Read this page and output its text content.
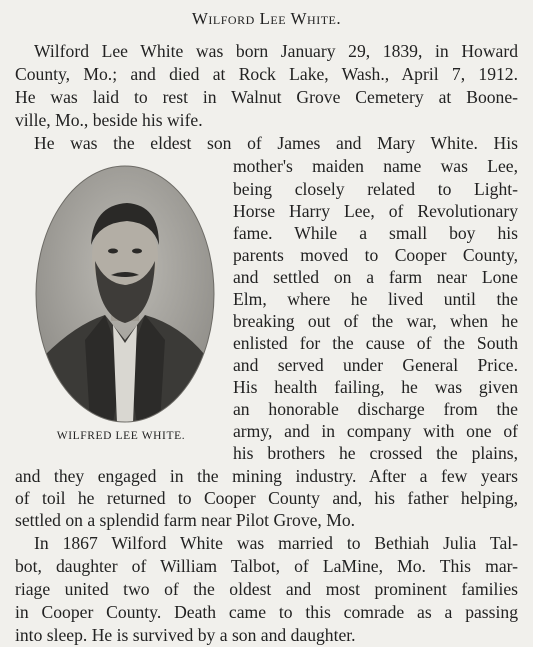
Wilford Lee White.
Wilford Lee White was born January 29, 1839, in Howard
County, Mo.; and died at Rock Lake, Wash., April 7, 1912.
He was laid to rest in Walnut Grove Cemetery at Boone-
ville, Mo., beside his wife.
He was the eldest son of James and Mary White. His
mother's maiden name was Lee,
being closely related to Light-
Horse Harry Lee, of Revolutionary
fame. While a small boy his
parents moved to Cooper County,
and settled on a farm near Lone
Elm, where he lived until the
breaking out of the war, when he
enlisted for the cause of the South
and served under General Price.
His health failing, he was given
an honorable discharge from the
army, and in company with one of
his brothers he crossed the plains,
and they engaged in the mining industry. After a few years
of toil he returned to Cooper County and, his father helping,
settled on a splendid farm near Pilot Grove, Mo.
In 1867 Wilford White was married to Bethiah Julia Tal-
bot, daughter of William Talbot, of LaMine, Mo. This mar-
riage united two of the oldest and most prominent families
in Cooper County. Death came to this comrade as a passing
into sleep. He is survived by a son and daughter.
WILFRED LEE WHITE.
